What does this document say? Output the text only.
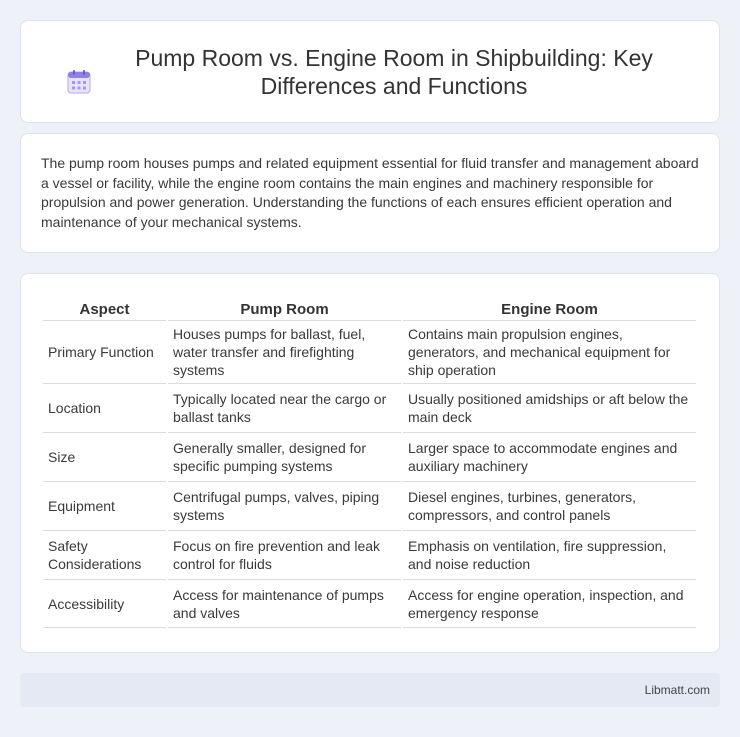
Pump Room vs. Engine Room in Shipbuilding: Key Differences and Functions

The pump room houses pumps and related equipment essential for fluid transfer and management aboard a vessel or facility, while the engine room contains the main engines and machinery responsible for propulsion and power generation. Understanding the functions of each ensures efficient operation and maintenance of your mechanical systems.

Aspect	Pump Room	Engine Room
Primary Function	Houses pumps for ballast, fuel, water transfer and firefighting systems	Contains main propulsion engines, generators, and mechanical equipment for ship operation
Location	Typically located near the cargo or ballast tanks	Usually positioned amidships or aft below the main deck
Size	Generally smaller, designed for specific pumping systems	Larger space to accommodate engines and auxiliary machinery
Equipment	Centrifugal pumps, valves, piping systems	Diesel engines, turbines, generators, compressors, and control panels
Safety Considerations	Focus on fire prevention and leak control for fluids	Emphasis on ventilation, fire suppression, and noise reduction
Accessibility	Access for maintenance of pumps and valves	Access for engine operation, inspection, and emergency response
Libmatt.com
